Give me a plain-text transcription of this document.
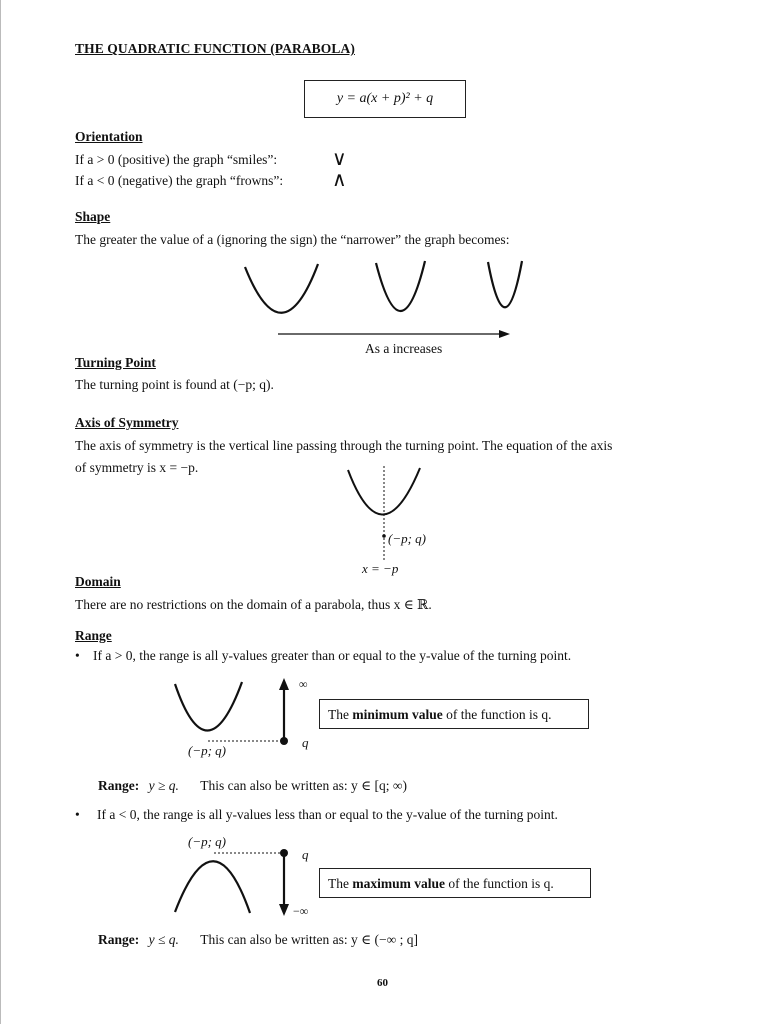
THE QUADRATIC FUNCTION (PARABOLA)
y = a(x + p)² + q
Orientation
If a > 0 (positive) the graph “smiles”:
If a < 0 (negative) the graph “frowns”:
∨
∧
Shape
The greater the value of a (ignoring the sign) the “narrower” the graph becomes:
As a increases
Turning Point
The turning point is found at (−p; q).
Axis of Symmetry
The axis of symmetry is the vertical line passing through the turning point. The equation of the axis
of symmetry is x = −p.
(−p; q)
x = −p
Domain
There are no restrictions on the domain of a parabola, thus x ∈ ℝ.
Range
• If a > 0, the range is all y-values greater than or equal to the y-value of the turning point.
∞
q
(−p; q)
The minimum value of the function is q.
Range: y ≥ q. This can also be written as: y ∈ [q; ∞)
• If a < 0, the range is all y-values less than or equal to the y-value of the turning point.
(−p; q)
q
−∞
The maximum value of the function is q.
Range: y ≤ q. This can also be written as: y ∈ (−∞ ; q]
60
